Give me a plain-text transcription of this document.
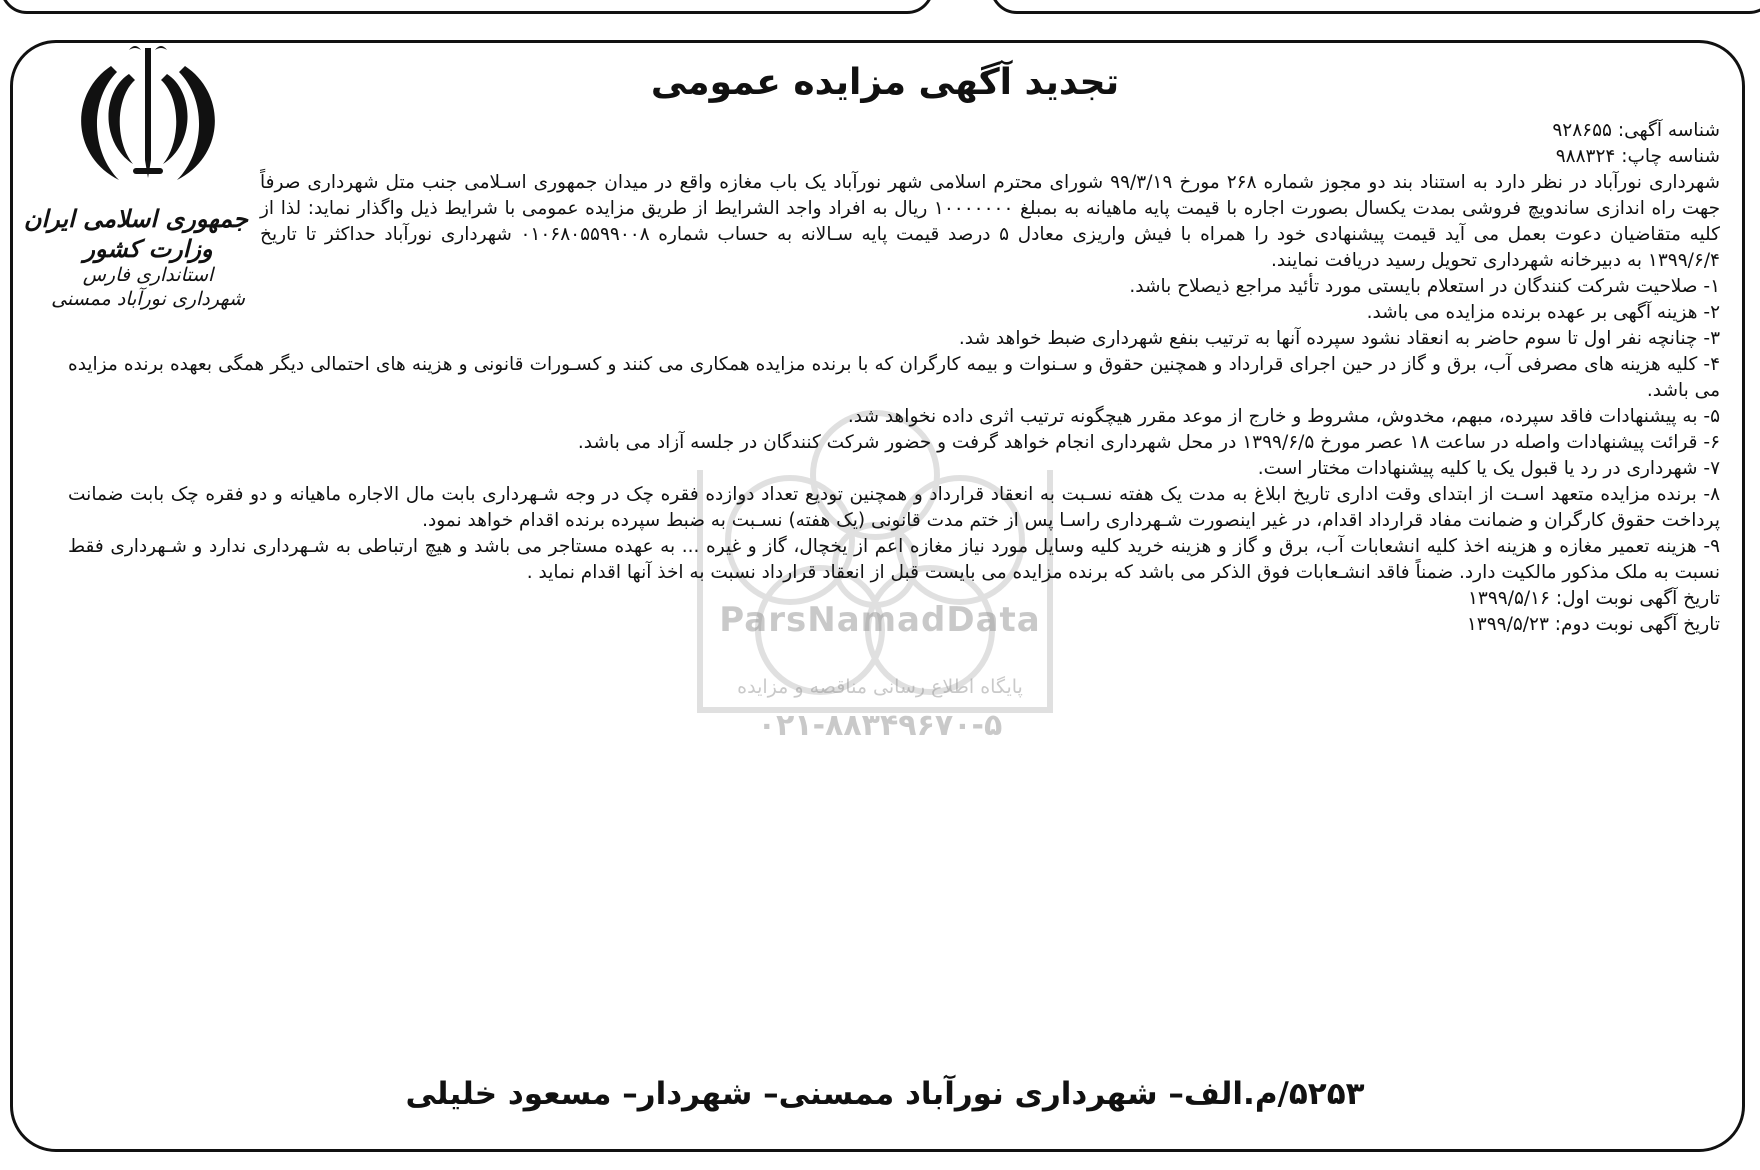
ParsNamadData
پایگاه اطلاع رسانی مناقصه و مزایده
۰۲۱-۸۸۳۴۹۶۷۰-۵

جمهوری اسلامی ایران

وزارت کشور

استانداری فارس

شهرداری نورآباد ممسنی

تجدید آگهی مزایده عمومی

شناسه آگهی: ۹۲۸۶۵۵

شناسه چاپ: ۹۸۸۳۲۴

شهرداری نورآباد در نظر دارد به استناد بند دو مجوز شماره ۲۶۸ مورخ ۹۹/۳/۱۹ شورای محترم اسلامی شهر نورآباد یک باب مغازه واقع در میدان جمهوری اسـلامی جنب متل شهرداری صرفاً جهت راه اندازی ساندویچ فروشی بمدت یکسال بصورت اجاره با قیمت پایه ماهیانه به بمبلغ ۱۰۰۰۰۰۰۰ ریال به افراد واجد الشرایط از طریق مزایده عمومی با شرایط ذیل واگذار نماید: لذا از کلیه متقاضیان دعوت بعمل می آید قیمت پیشنهادی خود را همراه با فیش واریزی معادل ۵ درصد قیمت پایه سـالانه به حساب شماره ۰۱۰۶۸۰۵۵۹۹۰۰۸ شهرداری نورآباد حداکثر تا تاریخ ۱۳۹۹/۶/۴ به دبیرخانه شهرداری تحویل رسید دریافت نمایند.

۱- صلاحیت شرکت کنندگان در استعلام بایستی مورد تأئید مراجع ذیصلاح باشد.

۲- هزینه آگهی بر عهده برنده مزایده می باشد.

۳- چنانچه نفر اول تا سوم حاضر به انعقاد نشود سپرده آنها به ترتیب بنفع شهرداری ضبط خواهد شد.

۴- کلیه هزینه های مصرفی آب، برق و گاز در حین اجرای قرارداد و همچنین حقوق و سـنوات و بیمه کارگران که با برنده مزایده همکاری می کنند و کسـورات قانونی و هزینه های احتمالی دیگر همگی بعهده برنده مزایده می باشد.

۵- به پیشنهادات فاقد سپرده، مبهم، مخدوش، مشروط و خارج از موعد مقرر هیچگونه ترتیب اثری داده نخواهد شد.

۶- قرائت پیشنهادات واصله در ساعت ۱۸ عصر مورخ ۱۳۹۹/۶/۵ در محل شهرداری انجام خواهد گرفت و حضور شرکت کنندگان در جلسه آزاد می باشد.

۷- شهرداری در رد یا قبول یک یا کلیه پیشنهادات مختار است.

۸- برنده مزایده متعهد اسـت از ابتدای وقت اداری تاریخ ابلاغ به مدت یک هفته نسـبت به انعقاد قرارداد و همچنین تودیع تعداد دوازده فقره چک در وجه شـهرداری بابت مال الاجاره ماهیانه و دو فقره چک بابت ضمانت پرداخت حقوق کارگران و ضمانت مفاد قرارداد اقدام، در غیر اینصورت شـهرداری راسـا پس از ختم مدت قانونی (یک هفته) نسـبت به ضبط سپرده برنده اقدام خواهد نمود.

۹- هزینه تعمیر مغازه و هزینه اخذ کلیه انشعابات آب، برق و گاز و هزینه خرید کلیه وسایل مورد نیاز مغازه اعم از یخچال، گاز و غیره ... به عهده مستاجر می باشد و هیچ ارتباطی به شـهرداری ندارد و شـهرداری فقط نسبت به ملک مذکور مالکیت دارد. ضمناً فاقد انشـعابات فوق الذکر می باشد که برنده مزایده می بایست قبل از انعقاد قرارداد نسبت به اخذ آنها اقدام نماید .

تاریخ آگهی نوبت اول: ۱۳۹۹/۵/۱۶

تاریخ آگهی نوبت دوم: ۱۳۹۹/۵/۲۳

۵۲۵۳/م.الف– شهرداری نورآباد ممسنی– شهردار– مسعود خلیلی
